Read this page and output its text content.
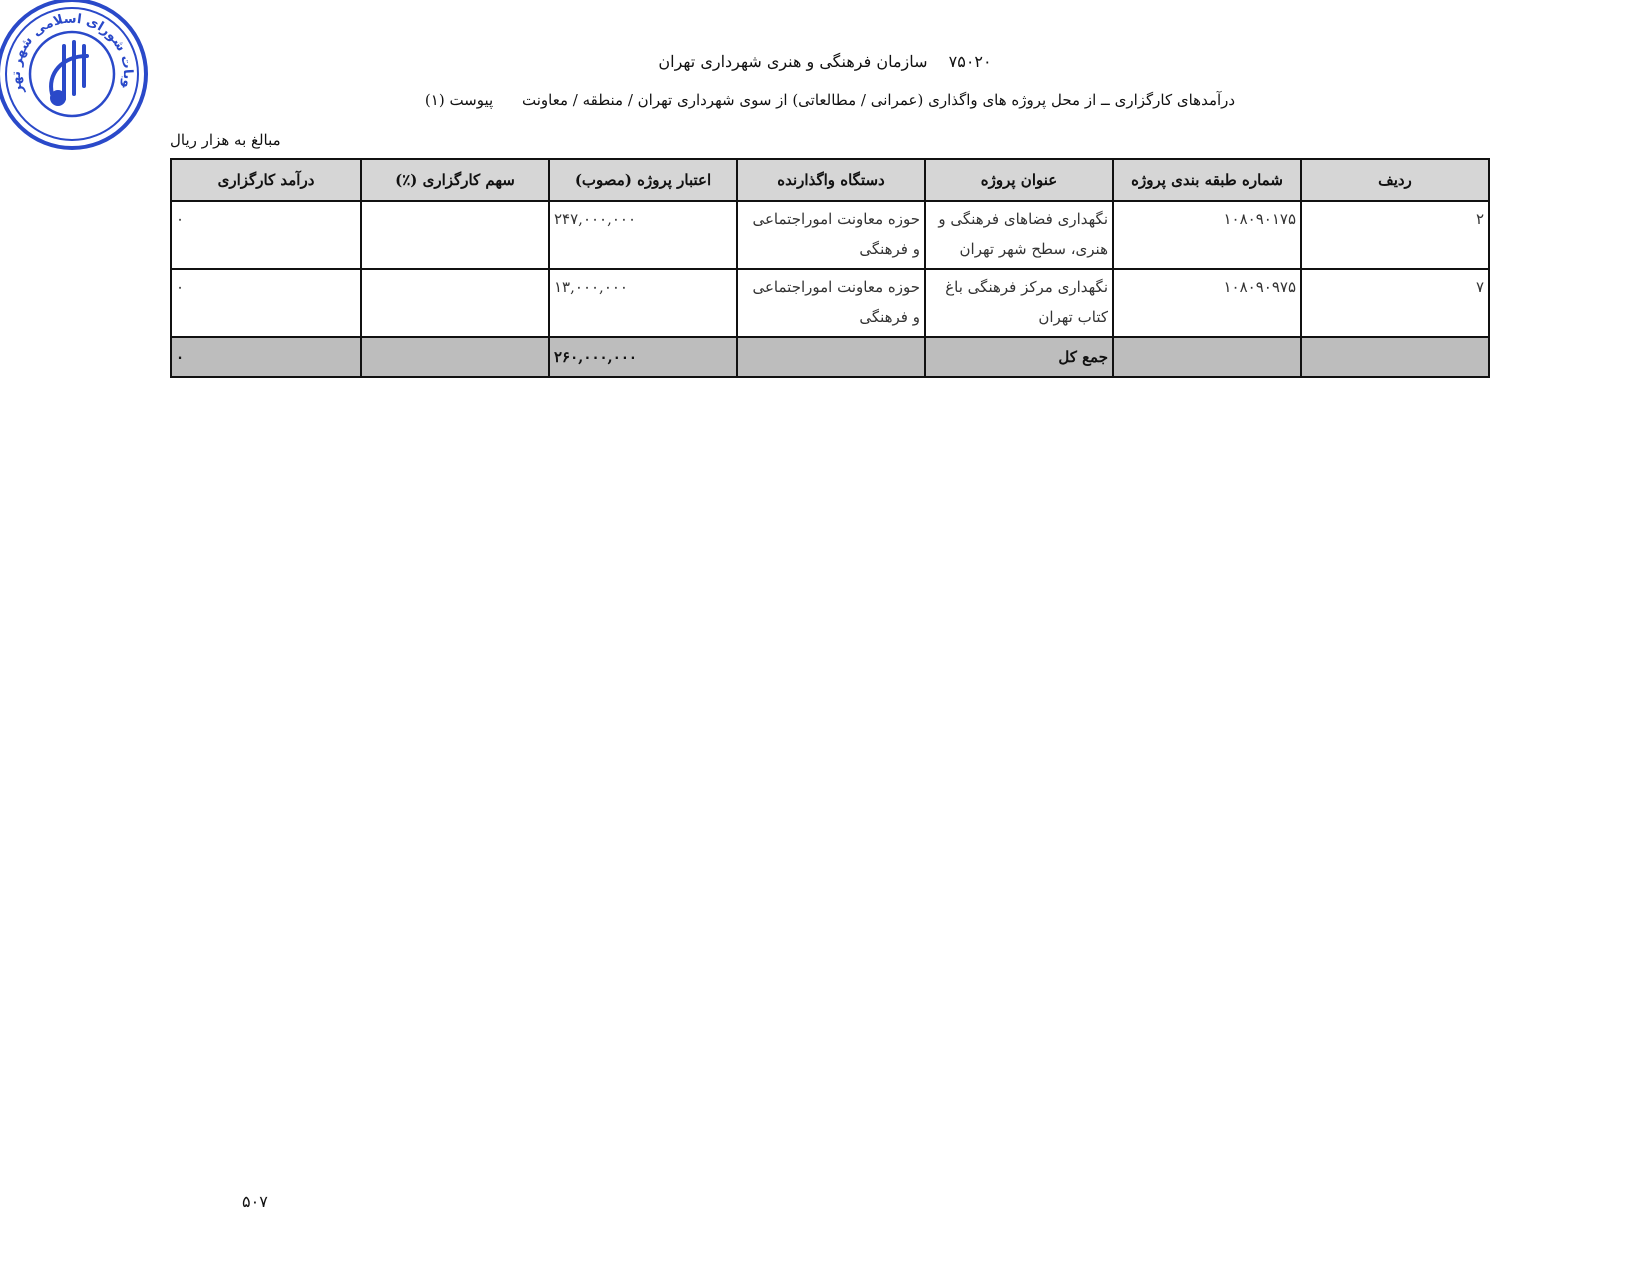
وبات شورای اسلامی شهر تهر
۷۵۰۲۰ سازمان فرهنگی و هنری شهرداری تهران
درآمدهای کارگزاری ــ از محل پروژه های واگذاری (عمرانی / مطالعاتی) از سوی شهرداری تهران / منطقه / معاونت پیوست (۱)
مبالغ به هزار ریال
ردیف	شماره طبقه بندی پروژه	عنوان پروژه	دستگاه واگذارنده	اعتبار پروژه (مصوب)	سهم کارگزاری (٪)	درآمد کارگزاری
۲	۱۰۸۰۹۰۱۷۵	نگهداری فضاهای فرهنگی و هنری، سطح شهر تهران	حوزه معاونت اموراجتماعی و فرهنگی	۲۴۷,۰۰۰,۰۰۰		۰
۷	۱۰۸۰۹۰۹۷۵	نگهداری مرکز فرهنگی باغ کتاب تهران	حوزه معاونت اموراجتماعی و فرهنگی	۱۳,۰۰۰,۰۰۰		۰
		جمع کل		۲۶۰,۰۰۰,۰۰۰		۰
۵۰۷
